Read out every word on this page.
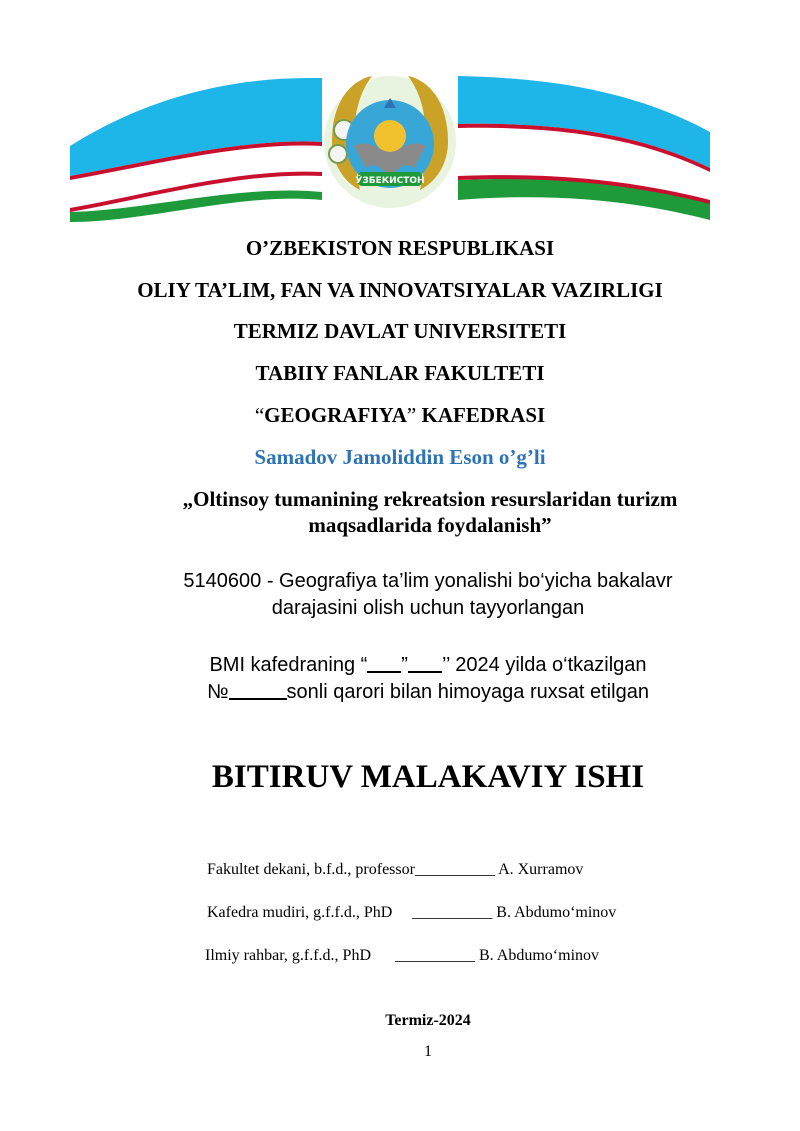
ЎЗБЕКИСТОН
O’ZBEKISTON RESPUBLIKASI
OLIY TA’LIM, FAN VA INNOVATSIYALAR VAZIRLIGI
TERMIZ DAVLAT UNIVERSITETI
TABIIY FANLAR FAKULTETI
“GEOGRAFIYA” KAFEDRASI
Samadov Jamoliddin Eson o’g’li
„Oltinsoy tumanining rekreatsion resurslaridan turizm
maqsadlarida foydalanish”
5140600 - Geografiya ta’lim yonalishi bo‘yicha bakalavr
darajasini olish uchun tayyorlangan
BMI kafedraning “ ” ’’ 2024 yilda o‘tkazilgan
№	sonli qarori bilan himoyaga ruxsat etilgan
BITIRUV MALAKAVIY ISHI
Fakultet dekani, b.f.d., professor__________ A. Xurramov
Kafedra mudiri, g.f.f.d., PhD     __________ B. Abdumo‘minov
Ilmiy rahbar, g.f.f.d., PhD      __________ B. Abdumo‘minov
Termiz-2024
1
